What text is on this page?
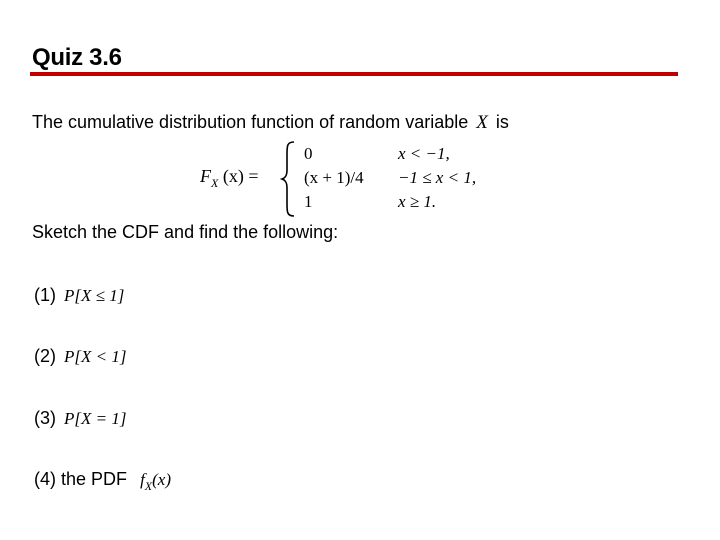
Quiz 3.6
The cumulative distribution function of random variable X is
$F_X$ (x) =
0	x < −1,
(x + 1)/4 −1 ≤ x < 1,
1	x ≥ 1.
Sketch the CDF and find the following:
(1) P[X ≤ 1]
(2) P[X < 1]
(3) P[X = 1]
(4) the PDF $f_X(x)$
